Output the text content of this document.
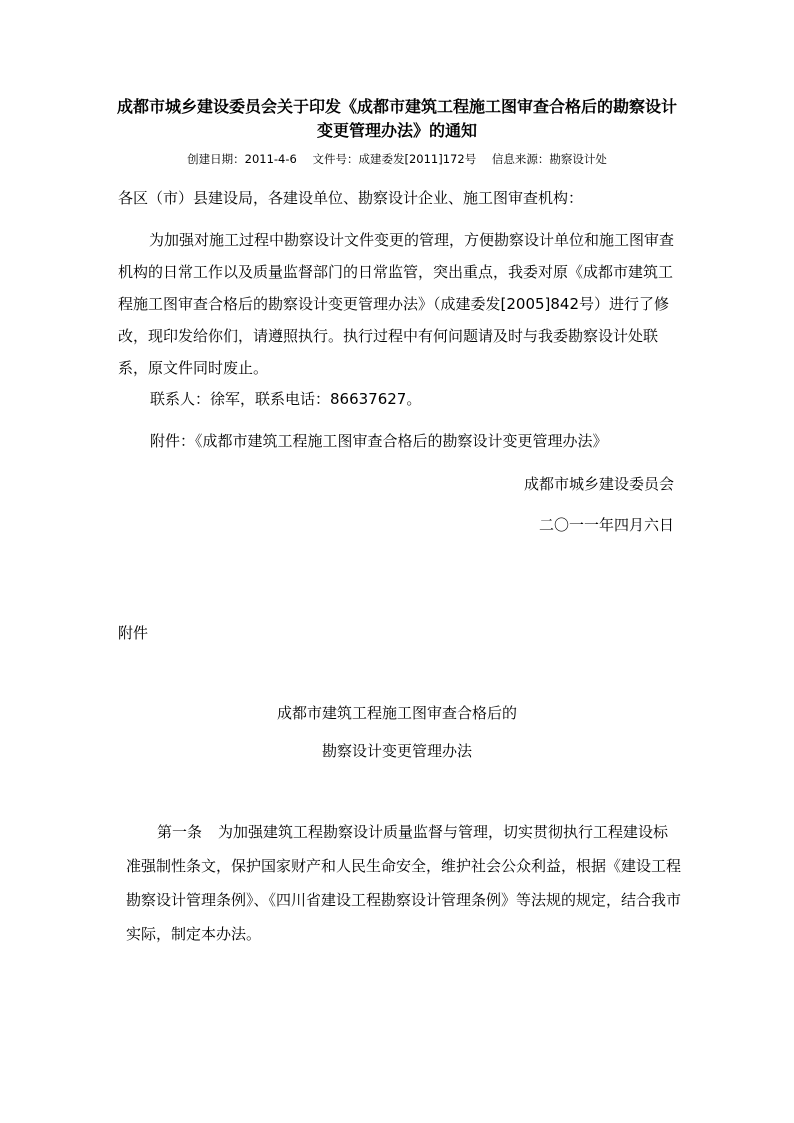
成都市城乡建设委员会关于印发《成都市建筑工程施工图审查合格后的勘察设计变更管理办法》的通知
创建日期：2011-4-6 文件号：成建委发[2011]172号 信息来源：勘察设计处
各区（市）县建设局，各建设单位、勘察设计企业、施工图审查机构：
为加强对施工过程中勘察设计文件变更的管理，方便勘察设计单位和施工图审查机构的日常工作以及质量监督部门的日常监管，突出重点，我委对原《成都市建筑工程施工图审查合格后的勘察设计变更管理办法》（成建委发[2005]842号）进行了修改，现印发给你们，请遵照执行。执行过程中有何问题请及时与我委勘察设计处联系，原文件同时废止。
联系人：徐军，联系电话：86637627。
附件：《成都市建筑工程施工图审查合格后的勘察设计变更管理办法》
成都市城乡建设委员会
二〇一一年四月六日
附件
成都市建筑工程施工图审查合格后的
勘察设计变更管理办法
第一条 为加强建筑工程勘察设计质量监督与管理，切实贯彻执行工程建设标准强制性条文，保护国家财产和人民生命安全，维护社会公众利益，根据《建设工程勘察设计管理条例》、《四川省建设工程勘察设计管理条例》等法规的规定，结合我市实际，制定本办法。
